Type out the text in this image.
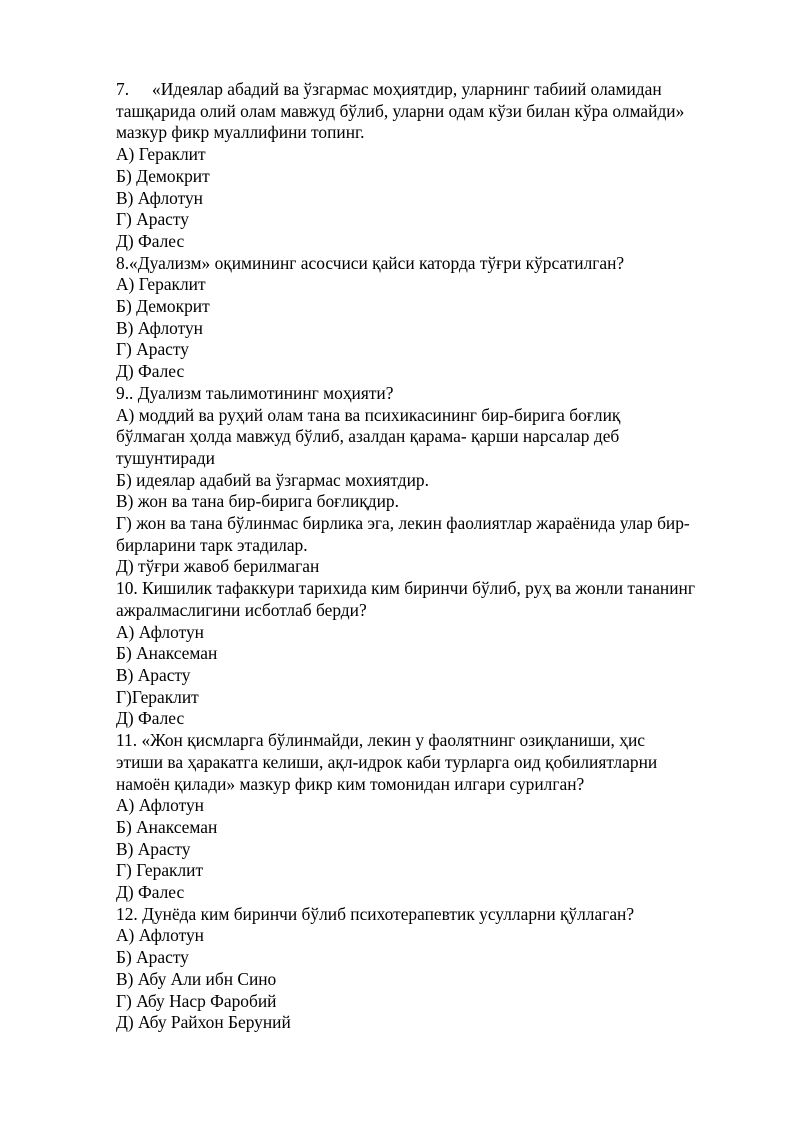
7. «Идеялар абадий ва ўзгармас моҳиятдир, уларнинг табиий оламидан
ташқарида олий олам мавжуд бўлиб, уларни одам кўзи билан кўра олмайди»
мазкур фикр муаллифини топинг.
А) Гераклит
Б) Демокрит
В) Афлотун
Г) Арасту
Д) Фалес
8.«Дуализм» оқимининг асосчиси қайси каторда тўғри кўрсатилган?
А) Гераклит
Б) Демокрит
В) Афлотун
Г) Арасту
Д) Фалес
9.. Дуализм таьлимотининг моҳияти?
А) моддий ва руҳий олам тана ва психикасининг бир-бирига боғлиқ
бўлмаган ҳолда мавжуд бўлиб, азалдан қарама- қарши нарсалар деб
тушунтиради
Б) идеялар адабий ва ўзгармас мохиятдир.
В) жон ва тана бир-бирига боғлиқдир.
Г) жон ва тана бўлинмас бирлика эга, лекин фаолиятлар жараёнида улар бир-
бирларини тарк этадилар.
Д) тўғри жавоб берилмаган
10. Кишилик тафаккури тарихида ким биринчи бўлиб, руҳ ва жонли тананинг
ажралмаслигини исботлаб берди?
А) Афлотун
Б) Анаксеман
В) Арасту
Г)Гераклит
Д) Фалес
11. «Жон қисмларга бўлинмайди, лекин у фаолятнинг озиқланиши, ҳис
этиши ва ҳаракатга келиши, ақл-идрок каби турларга оид қобилиятларни
намоён қилади» мазкур фикр ким томонидан илгари сурилган?
А) Афлотун
Б) Анаксеман
В) Арасту
Г) Гераклит
Д) Фалес
12. Дунёда ким биринчи бўлиб психотерапевтик усулларни қўллаган?
А) Афлотун
Б) Арасту
В) Абу Али ибн Сино
Г) Абу Наср Фаробий
Д) Абу Райхон Беруний
